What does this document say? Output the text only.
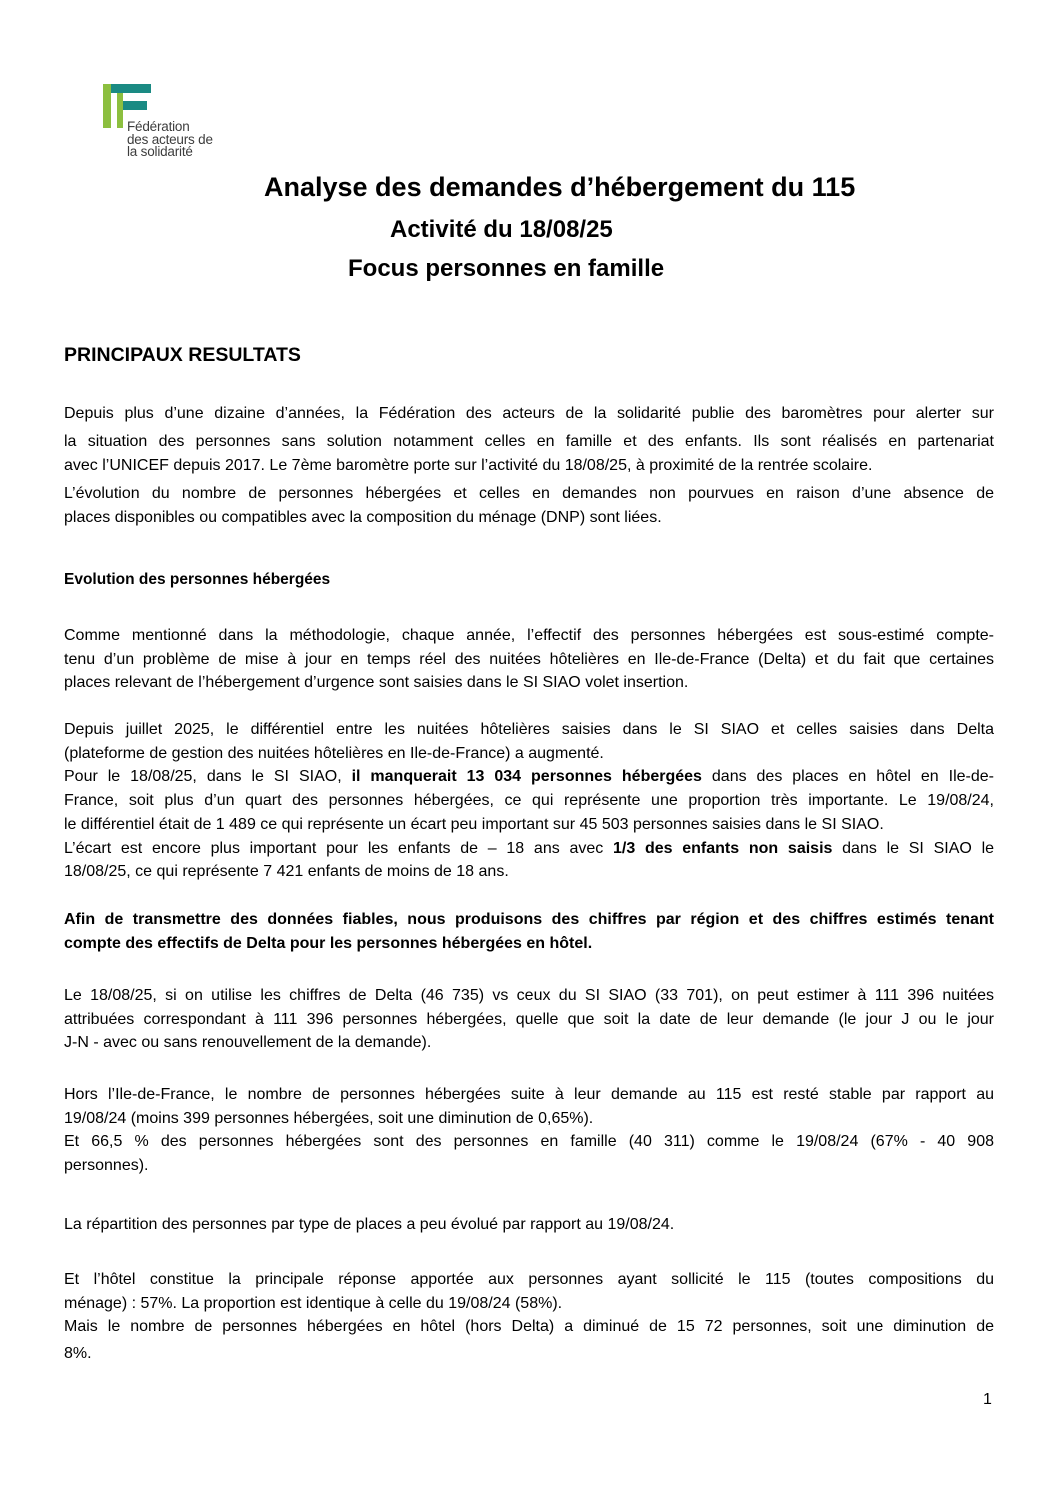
Fédération
des acteurs de
la solidarité
Analyse des demandes d’hébergement du 115
Activité du 18/08/25
Focus personnes en famille
PRINCIPAUX RESULTATS

Depuis plus d’une dizaine d’années, la Fédération des acteurs de la solidarité publie des baromètres pour alerter sur
la situation des personnes sans solution notamment celles en famille et des enfants. Ils sont réalisés en partenariat
avec l’UNICEF depuis 2017. Le 7ème baromètre porte sur l’activité du 18/08/25, à proximité de la rentrée scolaire.
L’évolution du nombre de personnes hébergées et celles en demandes non pourvues en raison d’une absence de
places disponibles ou compatibles avec la composition du ménage (DNP) sont liées.

Evolution des personnes hébergées

Comme mentionné dans la méthodologie, chaque année, l’effectif des personnes hébergées est sous-estimé compte-
tenu d’un problème de mise à jour en temps réel des nuitées hôtelières en Ile-de-France (Delta) et du fait que certaines
places relevant de l’hébergement d’urgence sont saisies dans le SI SIAO volet insertion.

Depuis juillet 2025, le différentiel entre les nuitées hôtelières saisies dans le SI SIAO et celles saisies dans Delta
(plateforme de gestion des nuitées hôtelières en Ile-de-France) a augmenté.
Pour le 18/08/25, dans le SI SIAO, il manquerait 13 034 personnes hébergées dans des places en hôtel en Ile-de-
France, soit plus d’un quart des personnes hébergées, ce qui représente une proportion très importante. Le 19/08/24,
le différentiel était de 1 489 ce qui représente un écart peu important sur 45 503 personnes saisies dans le SI SIAO.
L’écart est encore plus important pour les enfants de – 18 ans avec 1/3 des enfants non saisis dans le SI SIAO le
18/08/25, ce qui représente 7 421 enfants de moins de 18 ans.

Afin de transmettre des données fiables, nous produisons des chiffres par région et des chiffres estimés tenant
compte des effectifs de Delta pour les personnes hébergées en hôtel.

Le 18/08/25, si on utilise les chiffres de Delta (46 735) vs ceux du SI SIAO (33 701), on peut estimer à 111 396 nuitées
attribuées correspondant à 111 396 personnes hébergées, quelle que soit la date de leur demande (le jour J ou le jour
J-N - avec ou sans renouvellement de la demande).

Hors l’Ile-de-France, le nombre de personnes hébergées suite à leur demande au 115 est resté stable par rapport au
19/08/24 (moins 399 personnes hébergées, soit une diminution de 0,65%).
Et 66,5 % des personnes hébergées sont des personnes en famille (40 311) comme le 19/08/24 (67% - 40 908
personnes).

La répartition des personnes par type de places a peu évolué par rapport au 19/08/24.

Et l’hôtel constitue la principale réponse apportée aux personnes ayant sollicité le 115 (toutes compositions du
ménage) : 57%. La proportion est identique à celle du 19/08/24 (58%).
Mais le nombre de personnes hébergées en hôtel (hors Delta) a diminué de 15 72 personnes, soit une diminution de
8%.

1
